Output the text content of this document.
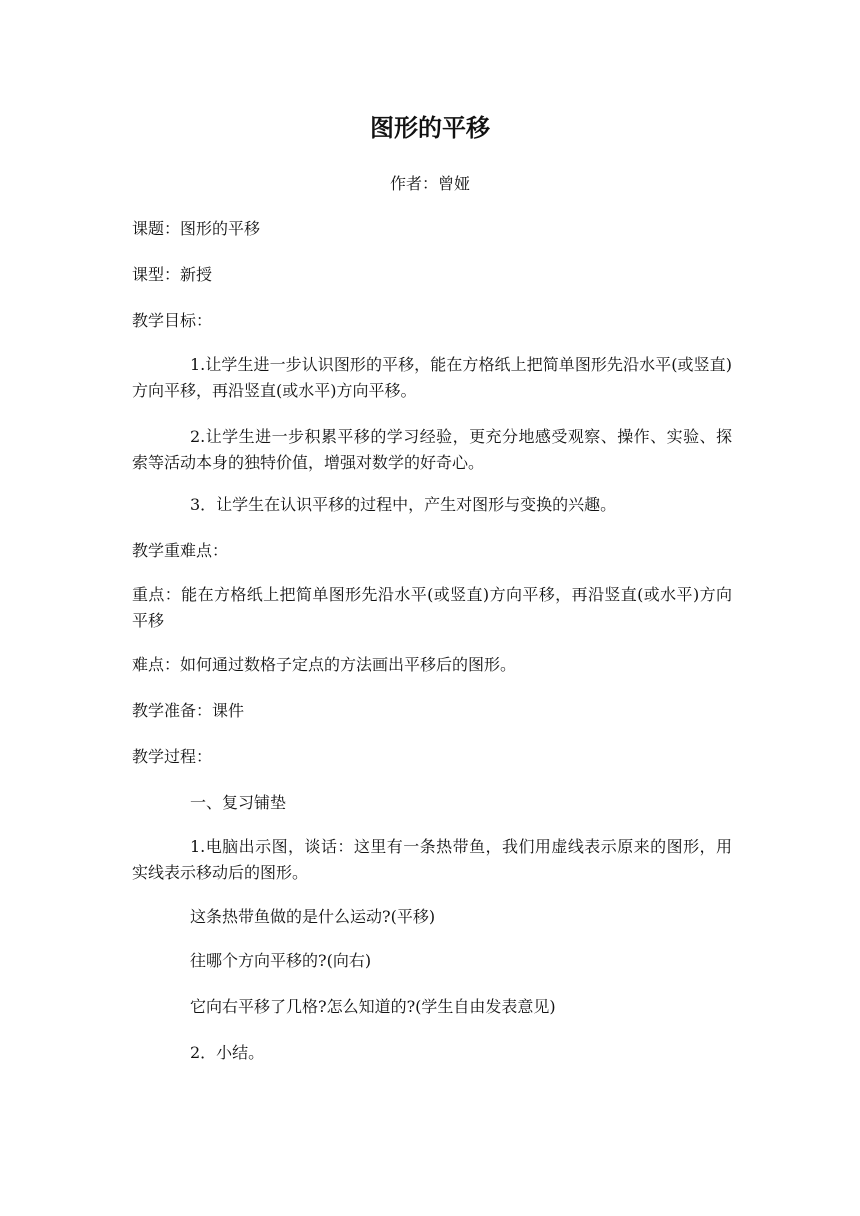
图形的平移
作者：曾娅

课题：图形的平移

课型：新授

教学目标：

1.让学生进一步认识图形的平移，能在方格纸上把简单图形先沿水平(或竖直)方向平移，再沿竖直(或水平)方向平移。

2.让学生进一步积累平移的学习经验，更充分地感受观察、操作、实验、探索等活动本身的独特价值，增强对数学的好奇心。

3．让学生在认识平移的过程中，产生对图形与变换的兴趣。

教学重难点：

重点：能在方格纸上把简单图形先沿水平(或竖直)方向平移，再沿竖直(或水平)方向平移

难点：如何通过数格子定点的方法画出平移后的图形。

教学准备：课件

教学过程：

一、复习铺垫

1.电脑出示图，谈话：这里有一条热带鱼，我们用虚线表示原来的图形，用实线表示移动后的图形。

这条热带鱼做的是什么运动?(平移)

往哪个方向平移的?(向右)

它向右平移了几格?怎么知道的?(学生自由发表意见)

2．小结。
